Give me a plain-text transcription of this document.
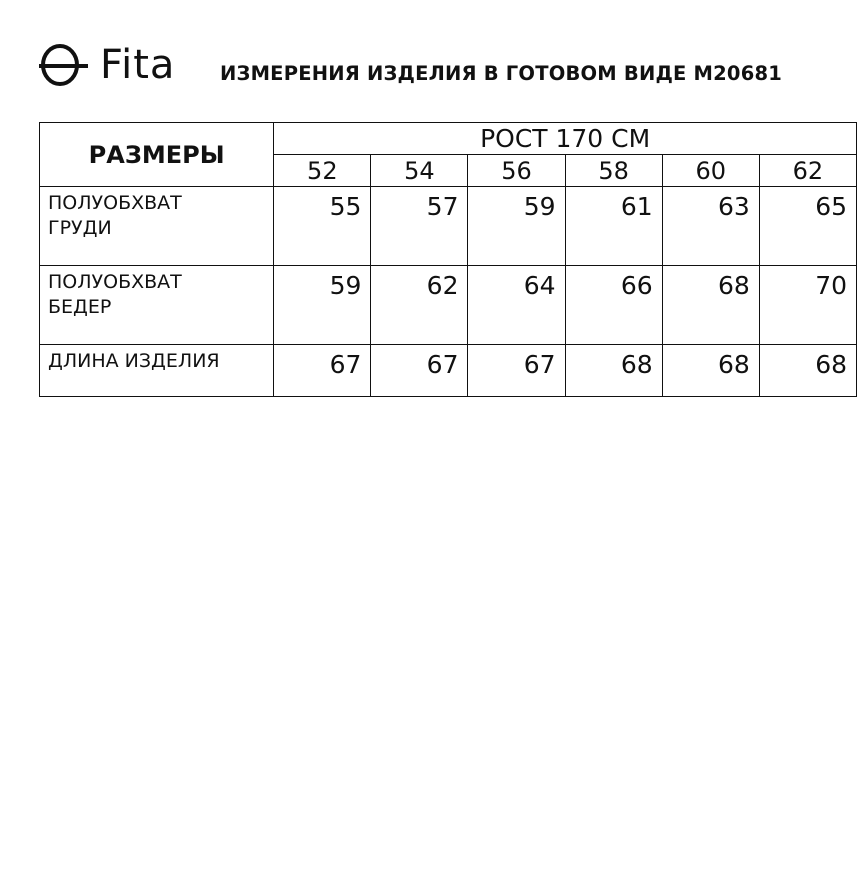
Fita ИЗМЕРЕНИЯ ИЗДЕЛИЯ В ГОТОВОМ ВИДЕ М20681
РАЗМЕРЫ	РОСТ 170 СМ					
	52	54	56	58	60	62

ПОЛУОБХВАТ
ГРУДИ	55	57	59	61	63	65

ПОЛУОБХВАТ
БЕДЕР	59	62	64	66	68	70

ДЛИНА ИЗДЕЛИЯ	67	67	67	68	68	68
